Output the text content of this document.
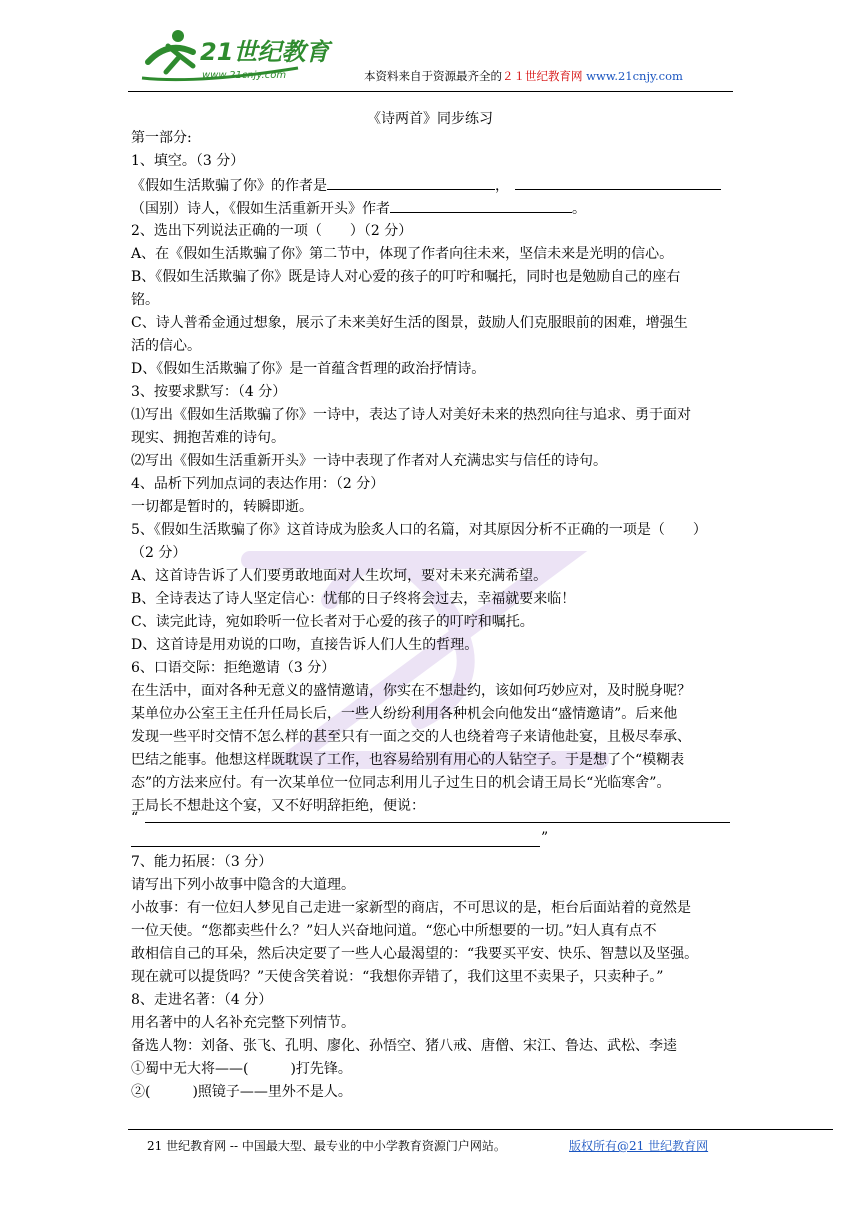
21世纪教育
www.21cnjy.com	本资料来自于资源最齐全的２１世纪教育网 www.21cnjy.com
《诗两首》同步练习
第一部分:
1、填空。（3 分）
《假如生活欺骗了你》的作者是	，
（国别）诗人，《假如生活重新开头》作者	。
2、选出下列说法正确的一项（　　）（2 分）
A、在《假如生活欺骗了你》第二节中，体现了作者向往未来，坚信未来是光明的信心。
B、《假如生活欺骗了你》既是诗人对心爱的孩子的叮咛和嘱托，同时也是勉励自己的座右
铭。
C、诗人普希金通过想象，展示了未来美好生活的图景，鼓励人们克服眼前的困难，增强生
活的信心。
D、《假如生活欺骗了你》是一首蕴含哲理的政治抒情诗。
3、按要求默写：（4 分）
⑴写出《假如生活欺骗了你》一诗中，表达了诗人对美好未来的热烈向往与追求、勇于面对
现实、拥抱苦难的诗句。
⑵写出《假如生活重新开头》一诗中表现了作者对人充满忠实与信任的诗句。
4、品析下列加点词的表达作用：（2 分）
一切都是暂时的，转瞬即逝。
5、《假如生活欺骗了你》这首诗成为脍炙人口的名篇，对其原因分析不正确的一项是（　　）
（2 分）
A、这首诗告诉了人们要勇敢地面对人生坎坷，要对未来充满希望。
B、全诗表达了诗人坚定信心：忧郁的日子终将会过去，幸福就要来临！
C、读完此诗，宛如聆听一位长者对于心爱的孩子的叮咛和嘱托。
D、这首诗是用劝说的口吻，直接告诉人们人生的哲理。
6、口语交际：拒绝邀请（3 分）
在生活中，面对各种无意义的盛情邀请，你实在不想赴约，该如何巧妙应对，及时脱身呢？
某单位办公室王主任升任局长后，一些人纷纷利用各种机会向他发出“盛情邀请”。后来他
发现一些平时交情不怎么样的甚至只有一面之交的人也绕着弯子来请他赴宴，且极尽奉承、
巴结之能事。他想这样既耽误了工作，也容易给别有用心的人钻空子。于是想了个“模糊表
态”的方法来应付。有一次某单位一位同志利用儿子过生日的机会请王局长“光临寒舍”。
王局长不想赴这个宴，又不好明辞拒绝，便说：
“
”
7、能力拓展：（3 分）
请写出下列小故事中隐含的大道理。
小故事：有一位妇人梦见自己走进一家新型的商店，不可思议的是，柜台后面站着的竟然是
一位天使。“您都卖些什么？”妇人兴奋地问道。“您心中所想要的一切。”妇人真有点不
敢相信自己的耳朵，然后决定要了一些人心最渴望的：“我要买平安、快乐、智慧以及坚强。
现在就可以提货吗？”天使含笑着说：“我想你弄错了，我们这里不卖果子，只卖种子。”
8、走进名著：（4 分）
用名著中的人名补充完整下列情节。
备选人物：刘备、张飞、孔明、廖化、孙悟空、猪八戒、唐僧、宋江、鲁达、武松、李逵
①蜀中无大将——(　　　)打先锋。
②(　　　)照镜子——里外不是人。
21 世纪教育网 -- 中国最大型、最专业的中小学教育资源门户网站。	版权所有@21 世纪教育网
